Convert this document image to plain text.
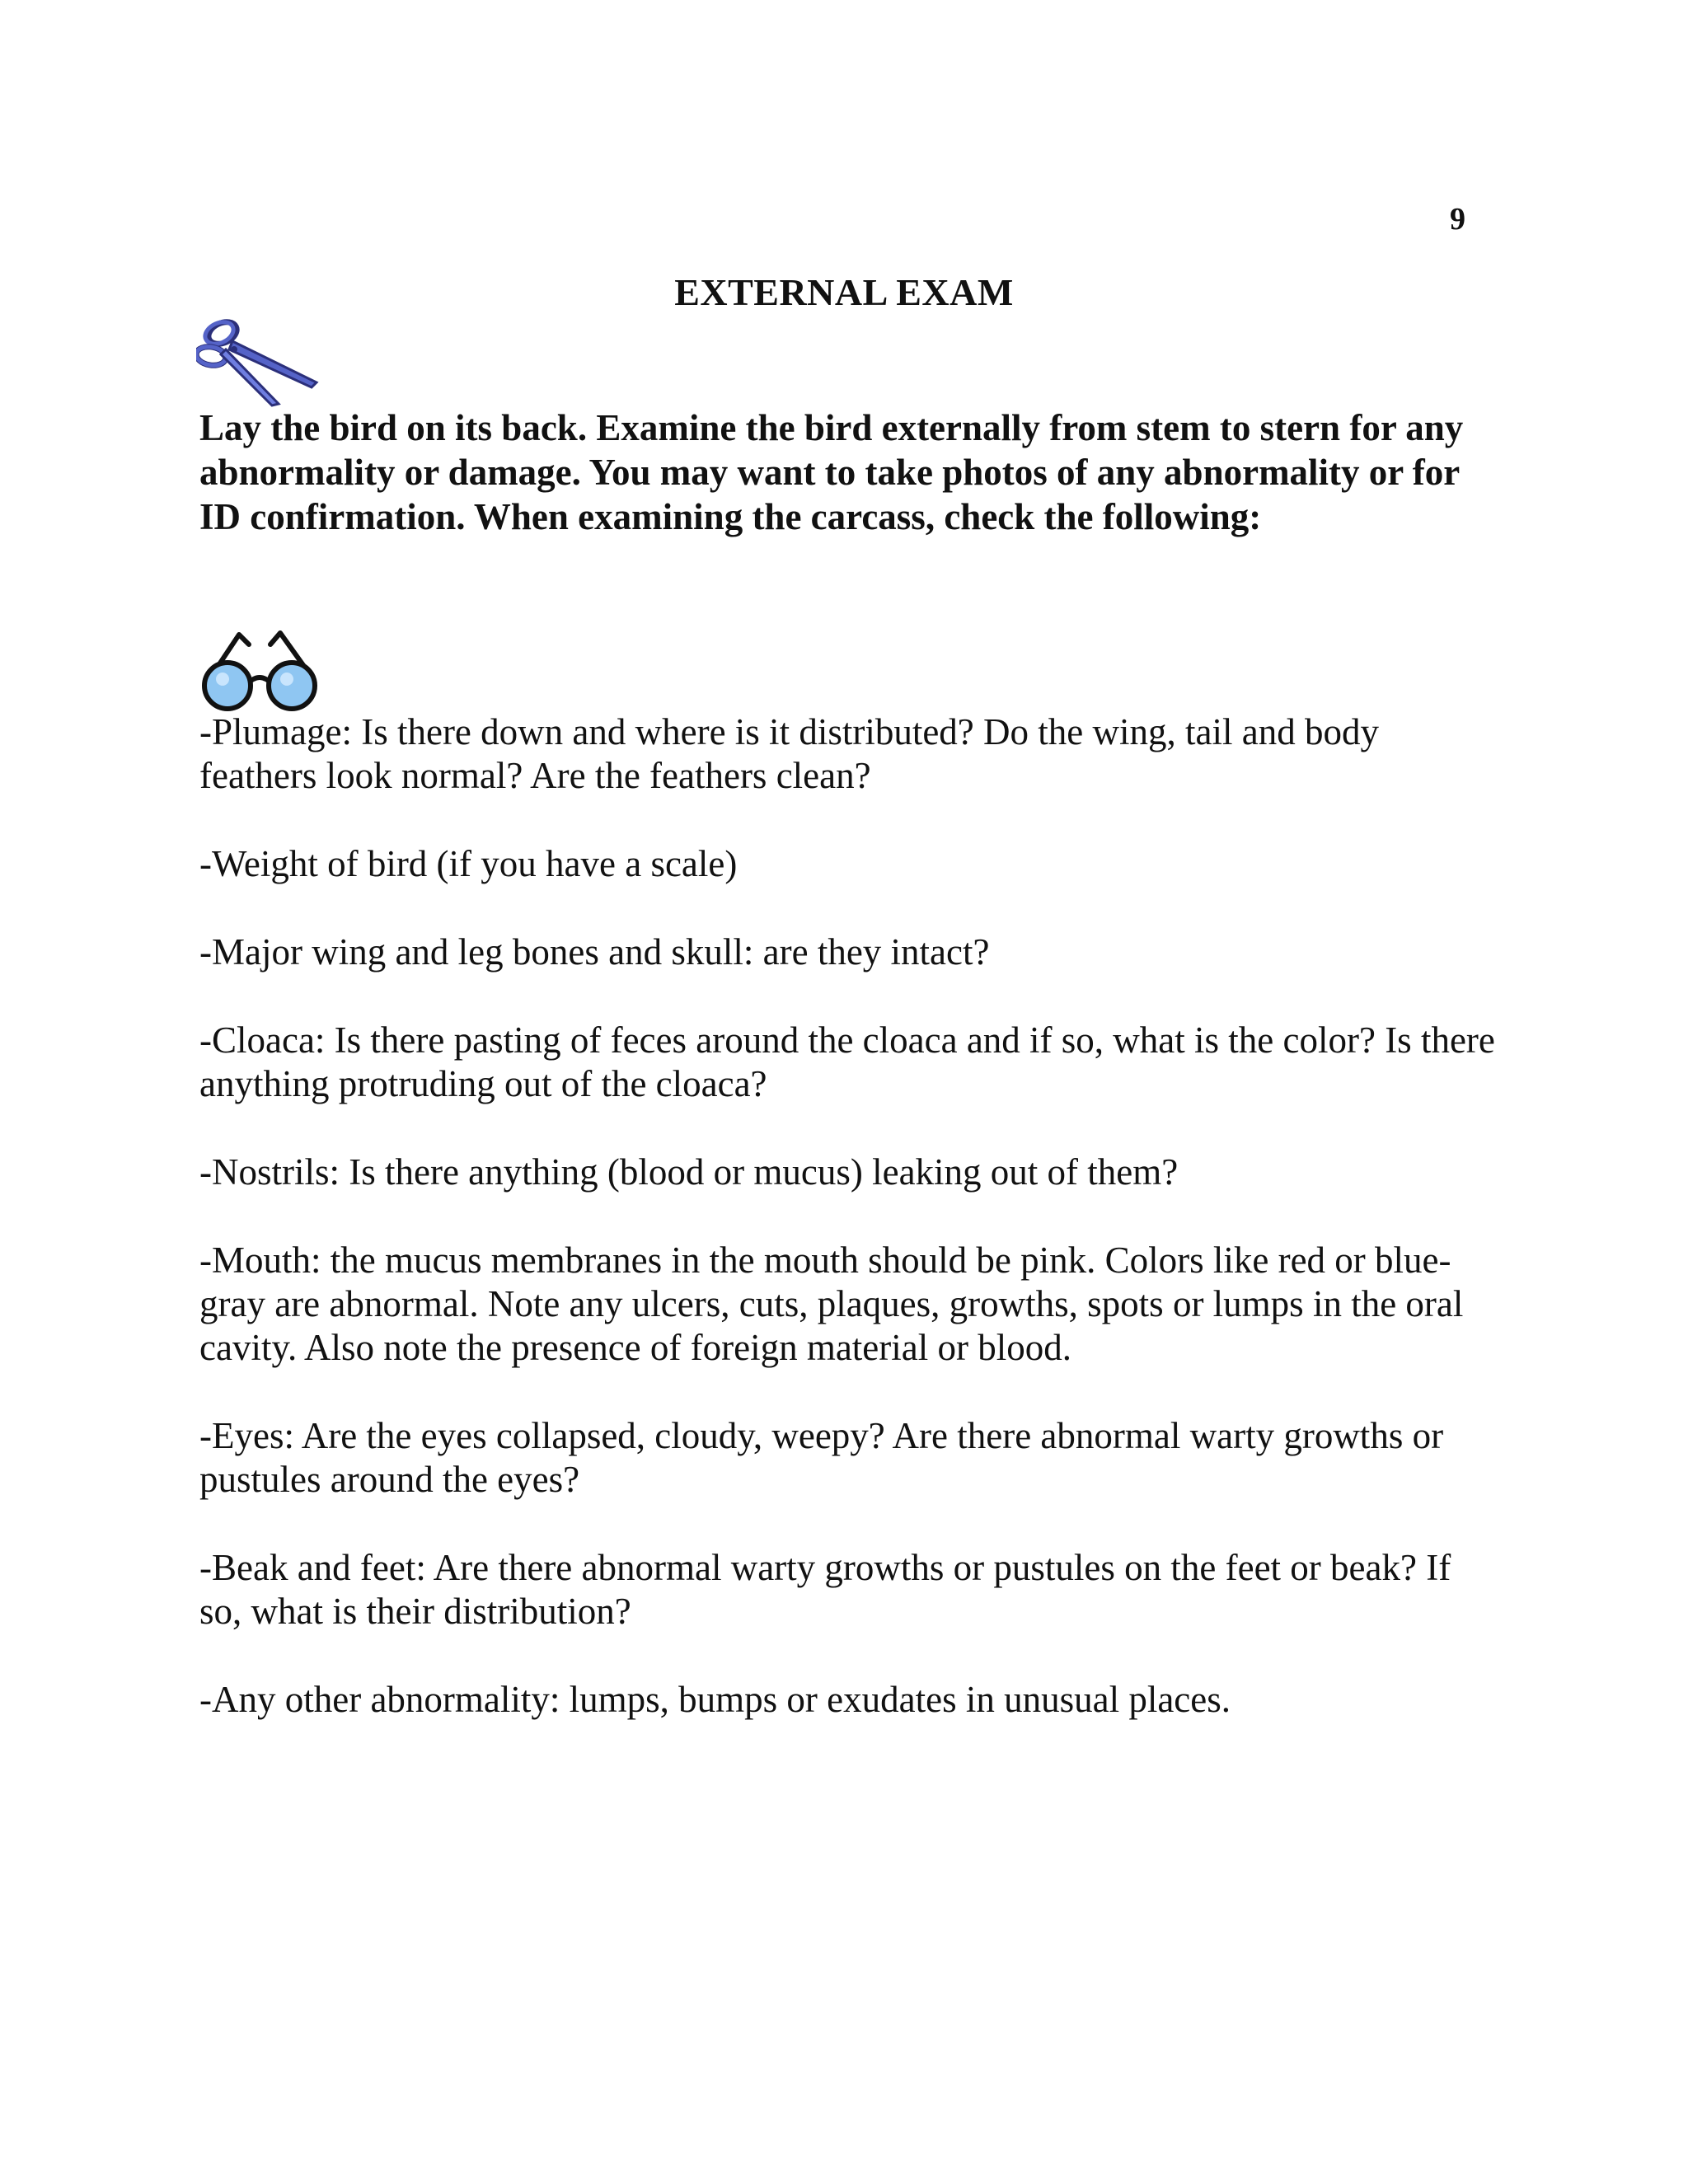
9
EXTERNAL EXAM
Lay the bird on its back. Examine the bird externally from stem to stern for any abnormality or damage. You may want to take photos of any abnormality or for ID confirmation. When examining the carcass, check the following:
-Plumage: Is there down and where is it distributed? Do the wing, tail and body feathers look normal? Are the feathers clean?
-Weight of bird (if you have a scale)
-Major wing and leg bones and skull: are they intact?
-Cloaca: Is there pasting of feces around the cloaca and if so, what is the color? Is there anything protruding out of the cloaca?
-Nostrils: Is there anything (blood or mucus) leaking out of them?
-Mouth: the mucus membranes in the mouth should be pink. Colors like red or blue-gray are abnormal. Note any ulcers, cuts, plaques, growths, spots or lumps in the oral cavity. Also note the presence of foreign material or blood.
-Eyes: Are the eyes collapsed, cloudy, weepy? Are there abnormal warty growths or pustules around the eyes?
-Beak and feet: Are there abnormal warty growths or pustules on the feet or beak? If so, what is their distribution?
-Any other abnormality: lumps, bumps or exudates in unusual places.
